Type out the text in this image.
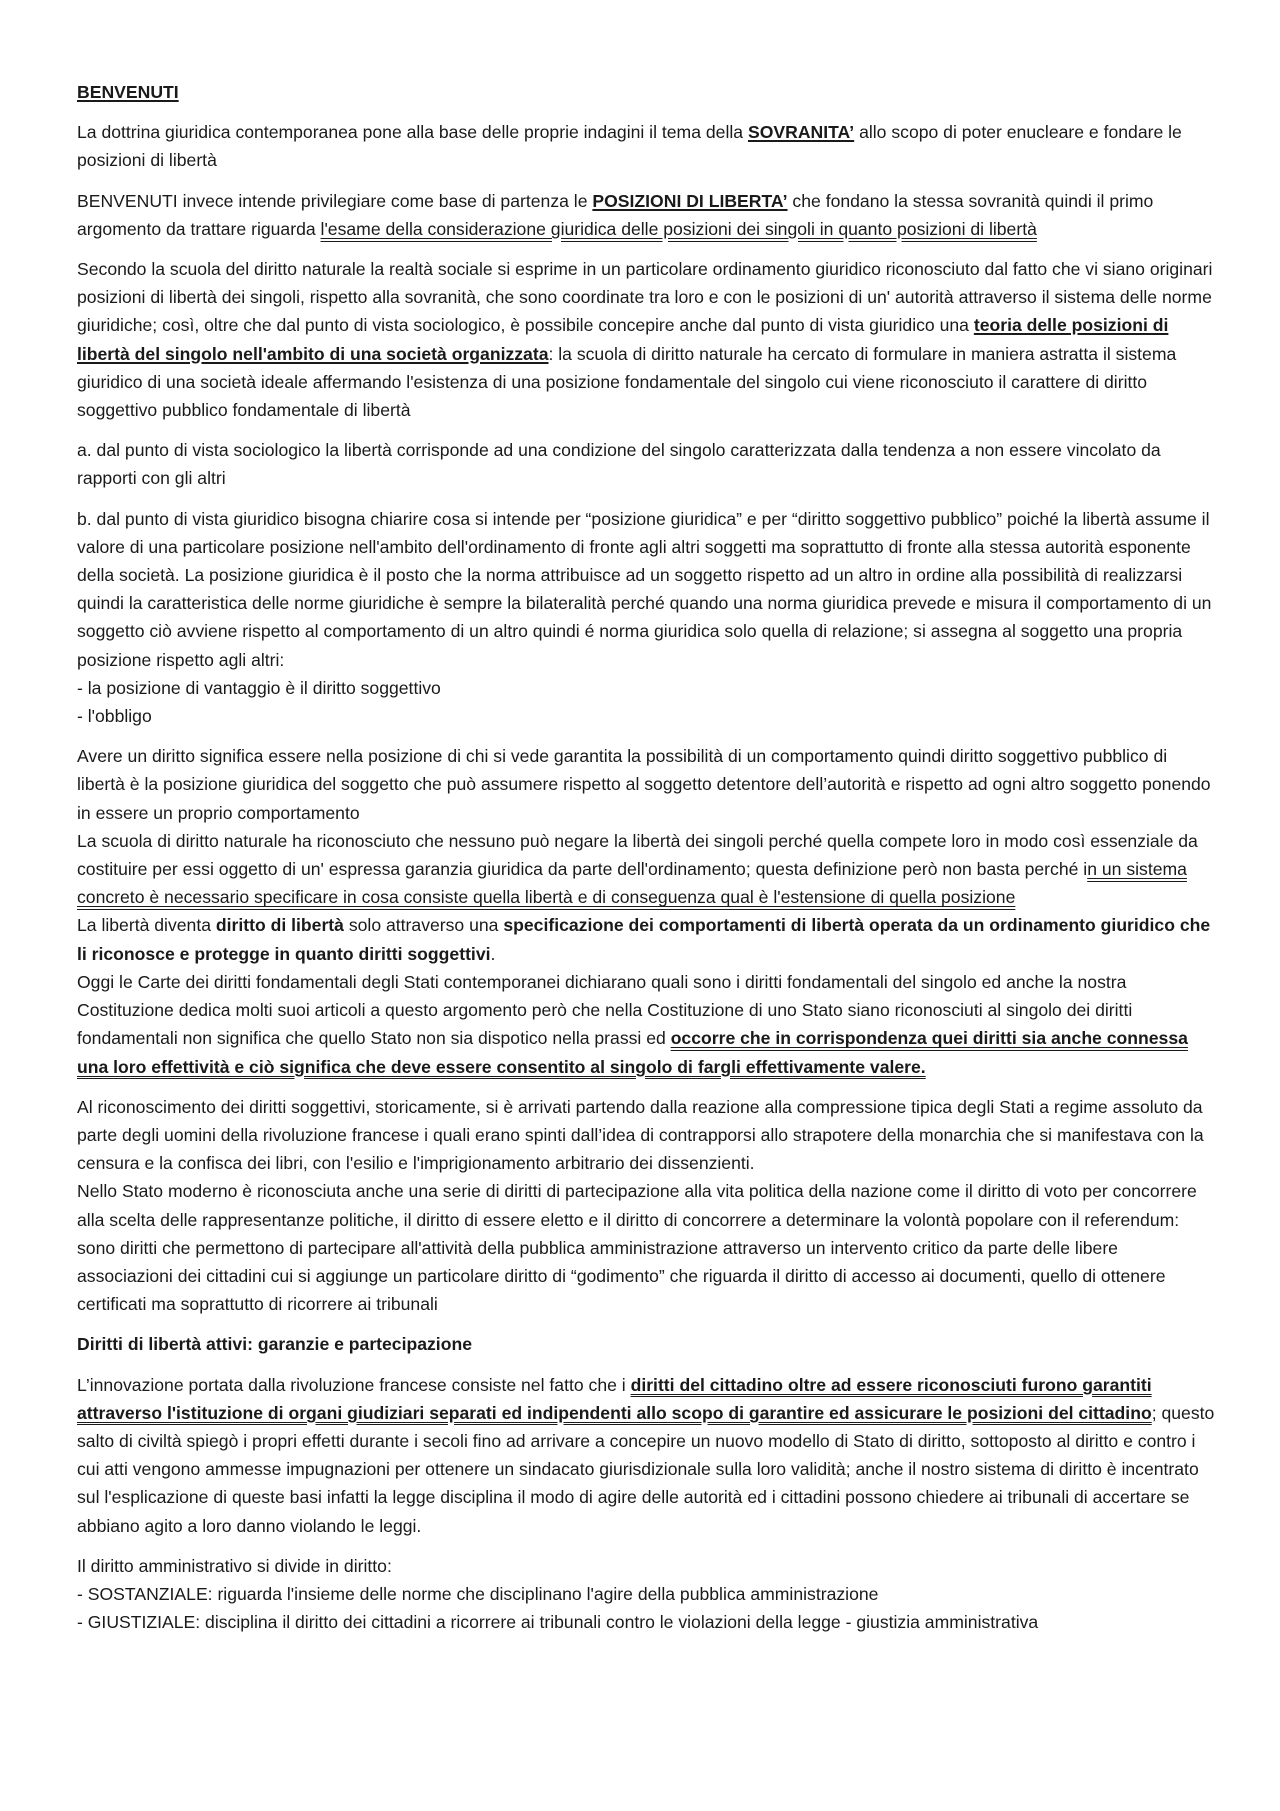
BENVENUTI

La dottrina giuridica contemporanea pone alla base delle proprie indagini il tema della SOVRANITA’ allo scopo di poter enucleare e fondare le posizioni di libertà

BENVENUTI invece intende privilegiare come base di partenza le POSIZIONI DI LIBERTA’ che fondano la stessa sovranità quindi il primo argomento da trattare riguarda l'esame della considerazione giuridica delle posizioni dei singoli in quanto posizioni di libertà

Secondo la scuola del diritto naturale la realtà sociale si esprime in un particolare ordinamento giuridico riconosciuto dal fatto che vi siano originari posizioni di libertà dei singoli, rispetto alla sovranità, che sono coordinate tra loro e con le posizioni di un' autorità attraverso il sistema delle norme giuridiche; così, oltre che dal punto di vista sociologico, è possibile concepire anche dal punto di vista giuridico una teoria delle posizioni di libertà del singolo nell'ambito di una società organizzata: la scuola di diritto naturale ha cercato di formulare in maniera astratta il sistema giuridico di una società ideale affermando l'esistenza di una posizione fondamentale del singolo cui viene riconosciuto il carattere di diritto soggettivo pubblico fondamentale di libertà

a. dal punto di vista sociologico la libertà corrisponde ad una condizione del singolo caratterizzata dalla tendenza a non essere vincolato da rapporti con gli altri

b. dal punto di vista giuridico bisogna chiarire cosa si intende per “posizione giuridica” e per “diritto soggettivo pubblico” poiché la libertà assume il valore di una particolare posizione nell'ambito dell'ordinamento di fronte agli altri soggetti ma soprattutto di fronte alla stessa autorità esponente della società. La posizione giuridica è il posto che la norma attribuisce ad un soggetto rispetto ad un altro in ordine alla possibilità di realizzarsi quindi la caratteristica delle norme giuridiche è sempre la bilateralità perché quando una norma giuridica prevede e misura il comportamento di un soggetto ciò avviene rispetto al comportamento di un altro quindi é norma giuridica solo quella di relazione; si assegna al soggetto una propria posizione rispetto agli altri:
- la posizione di vantaggio è il diritto soggettivo
- l'obbligo

Avere un diritto significa essere nella posizione di chi si vede garantita la possibilità di un comportamento quindi diritto soggettivo pubblico di libertà è la posizione giuridica del soggetto che può assumere rispetto al soggetto detentore dell’autorità e rispetto ad ogni altro soggetto ponendo in essere un proprio comportamento

La scuola di diritto naturale ha riconosciuto che nessuno può negare la libertà dei singoli perché quella compete loro in modo così essenziale da costituire per essi oggetto di un' espressa garanzia giuridica da parte dell'ordinamento; questa definizione però non basta perché in un sistema concreto è necessario specificare in cosa consiste quella libertà e di conseguenza qual è l'estensione di quella posizione

La libertà diventa diritto di libertà solo attraverso una specificazione dei comportamenti di libertà operata da un ordinamento giuridico che li riconosce e protegge in quanto diritti soggettivi.

Oggi le Carte dei diritti fondamentali degli Stati contemporanei dichiarano quali sono i diritti fondamentali del singolo ed anche la nostra Costituzione dedica molti suoi articoli a questo argomento però che nella Costituzione di uno Stato siano riconosciuti al singolo dei diritti fondamentali non significa che quello Stato non sia dispotico nella prassi ed occorre che in corrispondenza quei diritti sia anche connessa una loro effettività e ciò significa che deve essere consentito al singolo di fargli effettivamente valere.

Al riconoscimento dei diritti soggettivi, storicamente, si è arrivati partendo dalla reazione alla compressione tipica degli Stati a regime assoluto da parte degli uomini della rivoluzione francese i quali erano spinti dall’idea di contrapporsi allo strapotere della monarchia che si manifestava con la censura e la confisca dei libri, con l'esilio e l'imprigionamento arbitrario dei dissenzienti.

Nello Stato moderno è riconosciuta anche una serie di diritti di partecipazione alla vita politica della nazione come il diritto di voto per concorrere alla scelta delle rappresentanze politiche, il diritto di essere eletto e il diritto di concorrere a determinare la volontà popolare con il referendum: sono diritti che permettono di partecipare all'attività della pubblica amministrazione attraverso un intervento critico da parte delle libere associazioni dei cittadini cui si aggiunge un particolare diritto di “godimento” che riguarda il diritto di accesso ai documenti, quello di ottenere certificati ma soprattutto di ricorrere ai tribunali

Diritti di libertà attivi: garanzie e partecipazione

L’innovazione portata dalla rivoluzione francese consiste nel fatto che i diritti del cittadino oltre ad essere riconosciuti furono garantiti attraverso l'istituzione di organi giudiziari separati ed indipendenti allo scopo di garantire ed assicurare le posizioni del cittadino; questo salto di civiltà spiegò i propri effetti durante i secoli fino ad arrivare a concepire un nuovo modello di Stato di diritto, sottoposto al diritto e contro i cui atti vengono ammesse impugnazioni per ottenere un sindacato giurisdizionale sulla loro validità; anche il nostro sistema di diritto è incentrato sul l'esplicazione di queste basi infatti la legge disciplina il modo di agire delle autorità ed i cittadini possono chiedere ai tribunali di accertare se abbiano agito a loro danno violando le leggi.

Il diritto amministrativo si divide in diritto:
- SOSTANZIALE: riguarda l'insieme delle norme che disciplinano l'agire della pubblica amministrazione
- GIUSTIZIALE: disciplina il diritto dei cittadini a ricorrere ai tribunali contro le violazioni della legge - giustizia amministrativa
